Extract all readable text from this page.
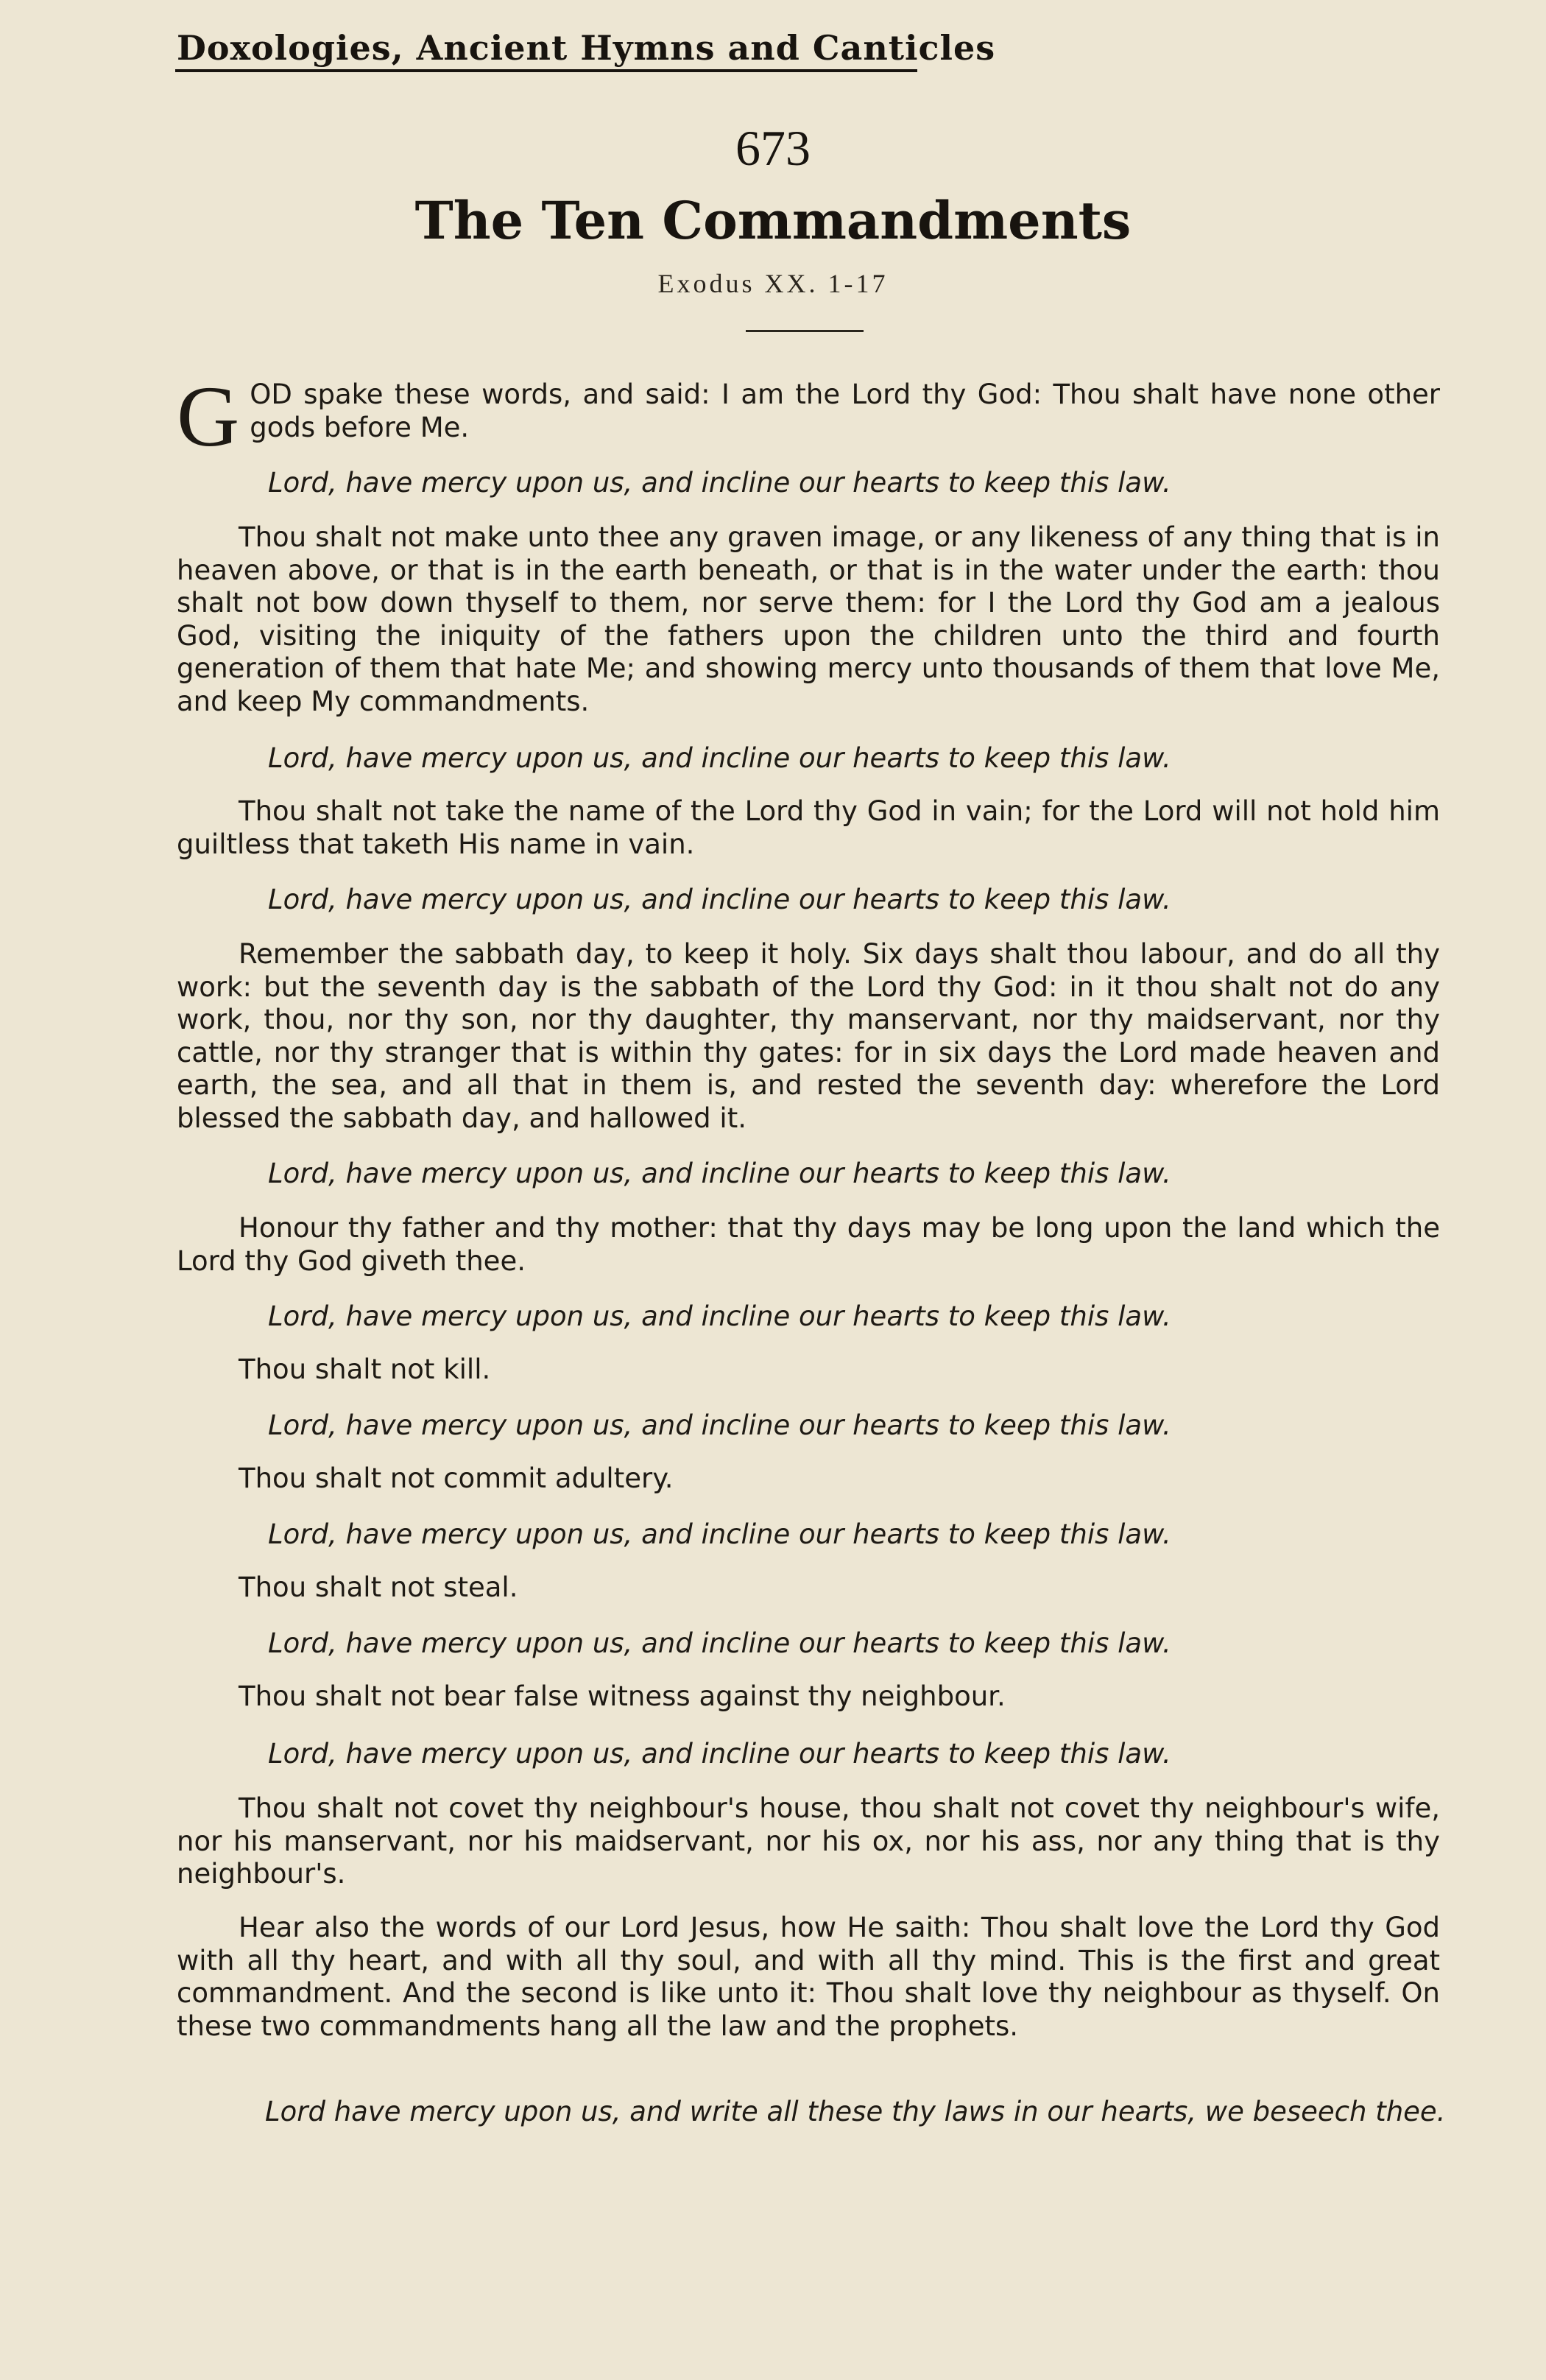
Doxologies, Ancient Hymns and Canticles
673
The Ten Commandments
Exodus XX. 1-17
G OD spake these words, and said: I am the Lord thy God: Thou shalt have none other gods before Me.
Lord, have mercy upon us, and incline our hearts to keep this law.
Thou shalt not make unto thee any graven image, or any likeness of any thing that is in heaven above, or that is in the earth beneath, or that is in the water under the earth: thou shalt not bow down thyself to them, nor serve them: for I the Lord thy God am a jealous God, visiting the iniquity of the fathers upon the children unto the third and fourth generation of them that hate Me; and showing mercy unto thousands of them that love Me, and keep My commandments.
Lord, have mercy upon us, and incline our hearts to keep this law.
Thou shalt not take the name of the Lord thy God in vain; for the Lord will not hold him guiltless that taketh His name in vain.
Lord, have mercy upon us, and incline our hearts to keep this law.
Remember the sabbath day, to keep it holy. Six days shalt thou labour, and do all thy work: but the seventh day is the sabbath of the Lord thy God: in it thou shalt not do any work, thou, nor thy son, nor thy daughter, thy manservant, nor thy maidservant, nor thy cattle, nor thy stranger that is within thy gates: for in six days the Lord made heaven and earth, the sea, and all that in them is, and rested the seventh day: wherefore the Lord blessed the sabbath day, and hallowed it.
Lord, have mercy upon us, and incline our hearts to keep this law.
Honour thy father and thy mother: that thy days may be long upon the land which the Lord thy God giveth thee.
Lord, have mercy upon us, and incline our hearts to keep this law.
Thou shalt not kill.
Lord, have mercy upon us, and incline our hearts to keep this law.
Thou shalt not commit adultery.
Lord, have mercy upon us, and incline our hearts to keep this law.
Thou shalt not steal.
Lord, have mercy upon us, and incline our hearts to keep this law.
Thou shalt not bear false witness against thy neighbour.
Lord, have mercy upon us, and incline our hearts to keep this law.
Thou shalt not covet thy neighbour's house, thou shalt not covet thy neighbour's wife, nor his manservant, nor his maidservant, nor his ox, nor his ass, nor any thing that is thy neighbour's.
Hear also the words of our Lord Jesus, how He saith: Thou shalt love the Lord thy God with all thy heart, and with all thy soul, and with all thy mind. This is the first and great commandment. And the second is like unto it: Thou shalt love thy neighbour as thyself. On these two commandments hang all the law and the prophets.
Lord have mercy upon us, and write all these thy laws in our hearts, we beseech thee.
